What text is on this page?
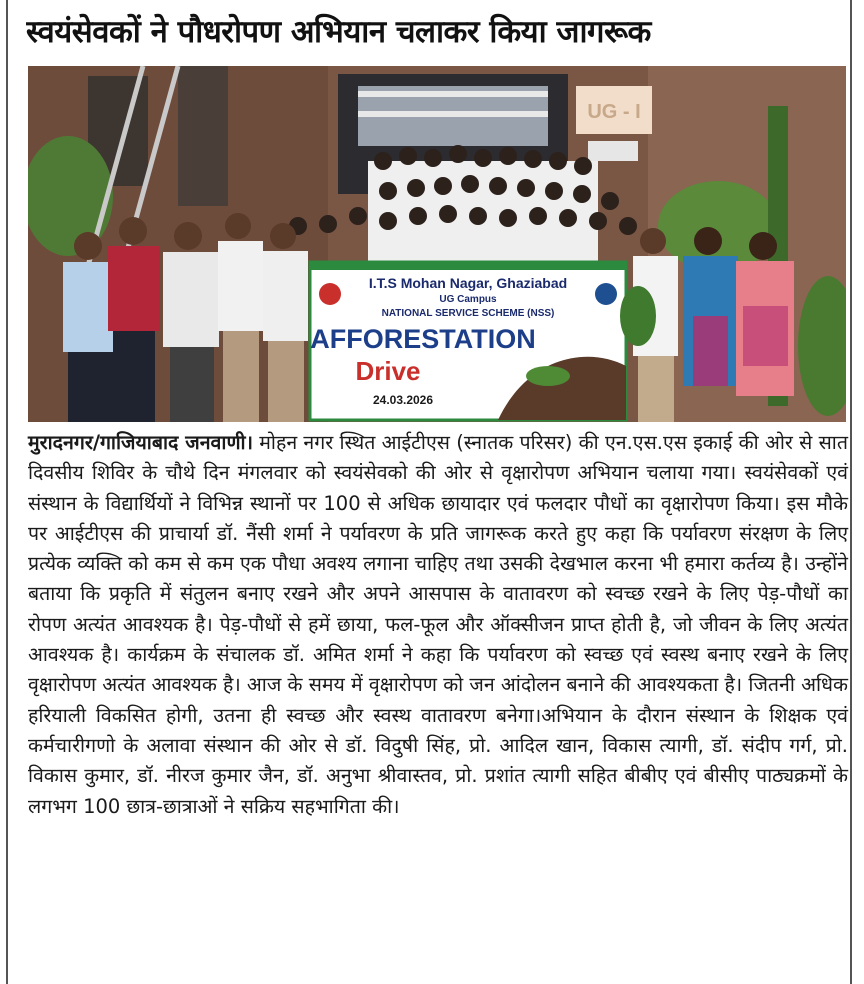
स्वयंसेवकों ने पौधरोपण अभियान चलाकर किया जागरूक
UG - I
I.T.S Mohan Nagar, Ghaziabad
UG Campus
NATIONAL SERVICE SCHEME (NSS)
AFFORESTATION
Drive
24.03.2026
मुरादनगर/गाजियाबाद जनवाणी। मोहन नगर स्थित आईटीएस (स्नातक परिसर) की एन.एस.एस इकाई की ओर से सात दिवसीय शिविर के चौथे दिन मंगलवार को स्वयंसेवको की ओर से वृक्षारोपण अभियान चलाया गया। स्वयंसेवकों एवं संस्थान के विद्यार्थियों ने विभिन्न स्थानों पर 100 से अधिक छायादार एवं फलदार पौधों का वृक्षारोपण किया। इस मौके पर आईटीएस की प्राचार्या डॉ. नैंसी शर्मा ने पर्यावरण के प्रति जागरूक करते हुए कहा कि पर्यावरण संरक्षण के लिए प्रत्येक व्यक्ति को कम से कम एक पौधा अवश्य लगाना चाहिए तथा उसकी देखभाल करना भी हमारा कर्तव्य है। उन्होंने बताया कि प्रकृति में संतुलन बनाए रखने और अपने आसपास के वातावरण को स्वच्छ रखने के लिए पेड़-पौधों का रोपण अत्यंत आवश्यक है। पेड़-पौधों से हमें छाया, फल-फूल और ऑक्सीजन प्राप्त होती है, जो जीवन के लिए अत्यंत आवश्यक है। कार्यक्रम के संचालक डॉ. अमित शर्मा ने कहा कि पर्यावरण को स्वच्छ एवं स्वस्थ बनाए रखने के लिए वृक्षारोपण अत्यंत आवश्यक है। आज के समय में वृक्षारोपण को जन आंदोलन बनाने की आवश्यकता है। जितनी अधिक हरियाली विकसित होगी, उतना ही स्वच्छ और स्वस्थ वातावरण बनेगा।अभियान के दौरान संस्थान के शिक्षक एवं कर्मचारीगणो के अलावा संस्थान की ओर से डॉ. विदुषी सिंह, प्रो. आदिल खान, विकास त्यागी, डॉ. संदीप गर्ग, प्रो. विकास कुमार, डॉ. नीरज कुमार जैन, डॉ. अनुभा श्रीवास्तव, प्रो. प्रशांत त्यागी सहित बीबीए एवं बीसीए पाठ्यक्रमों के लगभग 100 छात्र-छात्राओं ने सक्रिय सहभागिता की।
